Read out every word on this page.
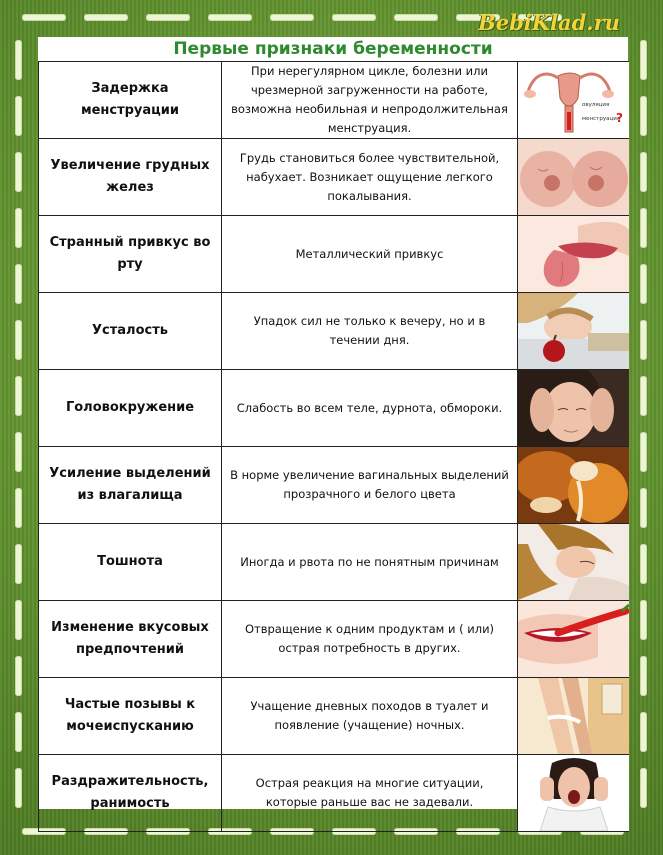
BebiKlad.ru
Первые признаки беременности
Задержка менструации	При нерегулярном цикле, болезни или чрезмерной загруженности на работе, возможна необильная и непродолжительная менструация.	овуляция
менструация
?

Увеличение грудных желез	Грудь становиться более чувствительной, набухает. Возникает ощущение легкого покалывания.	

Странный привкус во рту	Металлический привкус	

Усталость	Упадок сил не только к вечеру, но и в течении дня.	

Головокружение	Слабость во всем теле, дурнота, обмороки.	

Усиление выделений из влагалища	В норме увеличение вагинальных выделений прозрачного и белого цвета	

Тошнота	Иногда и рвота по не понятным причинам	

Изменение вкусовых предпочтений	Отвращение к одним продуктам и ( или) острая потребность в других.	

Частые позывы к мочеиспусканию	Учащение дневных походов в туалет и появление (учащение) ночных.	

Раздражительность, ранимость	Острая реакция на многие ситуации, которые раньше вас не задевали.	
